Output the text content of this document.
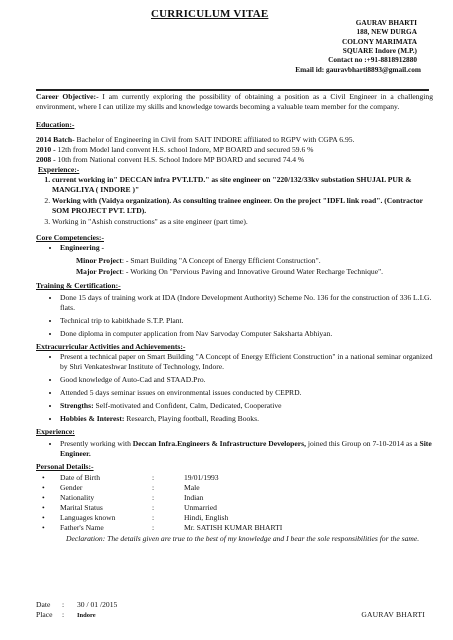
CURRICULUM VITAE
GAURAV BHARTI
188, NEW DURGA
COLONY MARIMATA
SQUARE Indore (M.P.)
Contact no :+91-8818912880
Email id: gauravbharti8893@gmail.com

Career Objective:- I am currently exploring the possibility of obtaining a position as a Civil Engineer in a challenging environment, where I can utilize my skills and knowledge towards becoming a valuable team member for the company.

Education:-

2014 Batch- Bachelor of Engineering in Civil from SAIT INDORE affiliated to RGPV with CGPA 6.95.

2010 - 12th from Model land convent H.S. school Indore, MP BOARD and secured 59.6 %

2008 - 10th from National convent H.S. School Indore MP BOARD and secured 74.4 %

Experience:-
1. current working in" DECCAN infra PVT.LTD." as site engineer on "220/132/33kv substation SHUJAL PUR & MANGLIYA ( INDORE )"
2. Working with (Vaidya organization). As consulting trainee engineer. On the project "IDFL link road". (Contractor SOM PROJECT PVT. LTD).
3. Working in "Ashish constructions" as a site engineer (part time).
Core Competencies:-
• Engineering -
Minor Project: - Smart Building "A Concept of Energy Efficient Construction".
Major Project: - Working On "Pervious Paving and Innovative Ground Water Recharge Technique".
Training & Certification:-
• Done 15 days of training work at IDA (Indore Development Authority) Scheme No. 136 for the construction of 336 L.I.G. flats.
• Technical trip to kabitkhade S.T.P. Plant.
• Done diploma in computer application from Nav Sarvoday Computer Saksharta Abhiyan.
Extracurricular Activities and Achievements:-
• Present a technical paper on Smart Building "A Concept of Energy Efficient Construction" in a national seminar organized by Shri Venkateshwar Institute of Technology, Indore.
• Good knowledge of Auto-Cad and STAAD.Pro.
• Attended 5 days seminar issues on environmental issues conducted by CEPRD.
• Strengths: Self-motivated and Confident, Calm, Dedicated, Cooperative
• Hobbies & Interest: Research, Playing football, Reading Books.
Experience:
• Presently working with Deccan Infra.Engineers & Infrastructure Developers, joined this Group on 7-10-2014 as a Site Engineer.
Personal Details:-
•	Date of Birth	:	19/01/1993
•	Gender	:	Male
•	Nationality	:	Indian
•	Marital Status	:	Unmarried
•	Languages known	:	Hindi, English
•	Father's Name	:	Mr. SATISH KUMAR BHARTI
Declaration: The details given are true to the best of my knowledge and I bear the sole responsibilities for the same.
Date	:	30 / 01 /2015
Place	:	Indore	GAURAV BHARTI
